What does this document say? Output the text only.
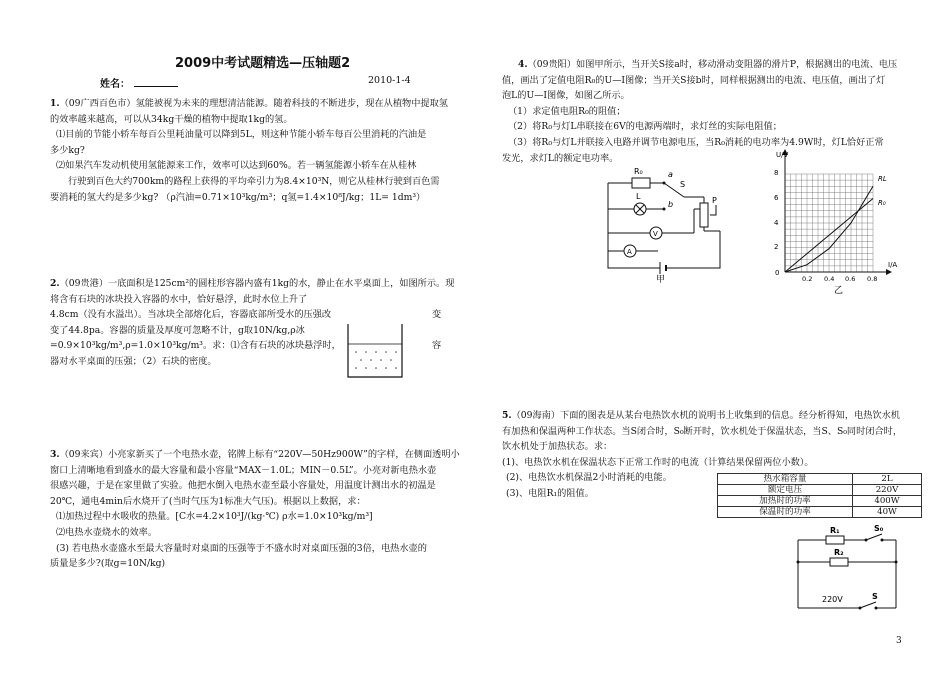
2009中考试题精选—压轴题2
姓名：	2010-1-4

1.（09广西百色市）氢能被视为未来的理想清洁能源。随着科技的不断进步，现在从植物中提取氢

的效率越来越高，可以从34kg干燥的植物中提取1kg的氢。

⑴目前的节能小轿车每百公里耗油量可以降到5L，则这种节能小轿车每百公里消耗的汽油是

多少kg?

⑵如果汽车发动机使用氢能源来工作，效率可以达到60%。若一辆氢能源小轿车在从桂林

行驶到百色大约700km的路程上获得的平均牵引力为8.4×10³N，则它从桂林行驶到百色需

要消耗的氢大约是多少kg? （ρ汽油=0.71×10³kg/m³；q氢=1.4×10⁸J/kg；1L= 1dm³）

2.（09贵港）一底面积是125cm²的圆柱形容器内盛有1kg的水，静止在水平桌面上，如图所示。现

将含有石块的冰块投入容器的水中，恰好悬浮，此时水位上升了

4.8cm（没有水溢出）。当冰块全部熔化后，容器底部所受水的压强改

变了44.8pa。容器的质量及厚度可忽略不计，g取10N/kg,ρ冰

=0.9×10³kg/m³,ρ=1.0×10³kg/m³。求：⑴含有石块的冰块悬浮时，

器对水平桌面的压强；（2）石块的密度。

变
容

3.（09来宾）小亮家新买了一个电热水壶，铭牌上标有“220V—50Hz900W”的字样，在侧面透明小

窗口上清晰地看到盛水的最大容量和最小容量“MAX－1.0L；MIN－0.5L”。小亮对新电热水壶

很感兴趣，于是在家里做了实验。他把水倒入电热水壶至最小容量处，用温度计测出水的初温是

20℃，通电4min后水烧开了(当时气压为1标准大气压)。根据以上数据，求：

⑴加热过程中水吸收的热量。[C水=4.2×10³J/(kg·℃) ρ水=1.0×10³kg/m³]

⑵电热水壶烧水的效率。

(3) 若电热水壶盛水至最大容量时对桌面的压强等于不盛水时对桌面压强的3倍，电热水壶的

质量是多少?(取g=10N/kg)

4.（09贵阳）如图甲所示，当开关S接a时，移动滑动变阻器的滑片P，根据测出的电流、电压

值，画出了定值电阻R₀的U—I图像；当开关S接b时，同样根据测出的电流、电压值，画出了灯

泡L的U—I图像，如图乙所示。

（1）求定值电阻R₀的阻值；

（2）将R₀与灯L串联接在6V的电源两端时，求灯丝的实际电阻值；

（3）将R₀与灯L并联接入电路并调节电源电压，当R₀消耗的电功率为4.9W时，灯L恰好正常

发光，求灯L的额定电功率。

R₀
L
a
b
S
P
V
A
甲
U/V
I/A
8
6
4
2
0
0.2 0.4 0.6 0.8
RL
R₀
乙

5.（09海南）下面的图表是从某台电热饮水机的说明书上收集到的信息。经分析得知，电热饮水机

有加热和保温两种工作状态。当S闭合时，S₀断开时，饮水机处于保温状态，当S、S₀同时闭合时，

饮水机处于加热状态。求：

(1)、电热饮水机在保温状态下正常工作时的电流（计算结果保留两位小数）。

(2)、电热饮水机保温2小时消耗的电能。

(3)、电阻R₁的阻值。

热水箱容量	2L
额定电压	220V
加热时的功率	400W
保温时的功率	40W
R₁
R₂
S₀
S
220V
3
